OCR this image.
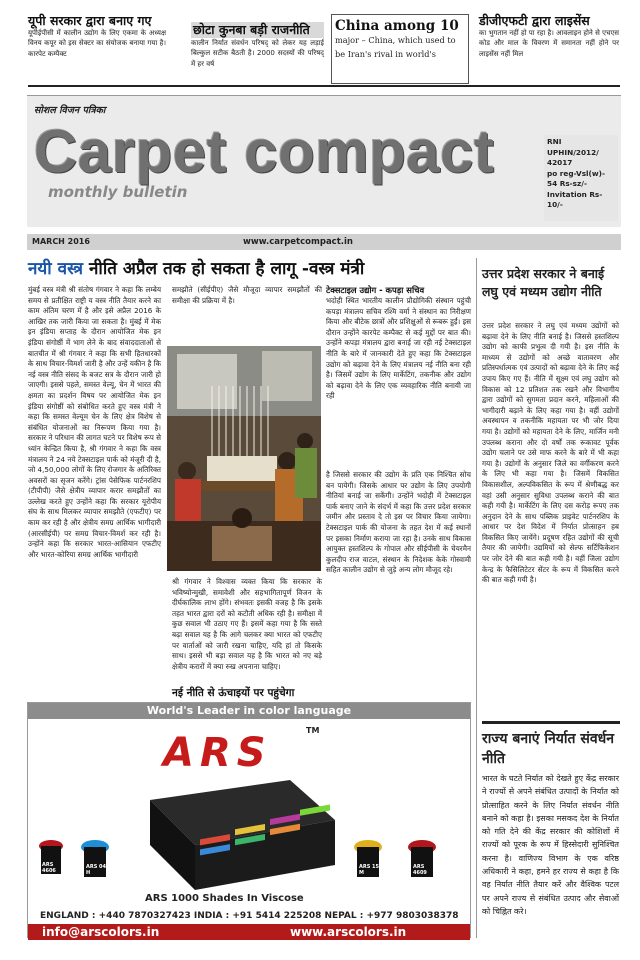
यूपी सरकार द्वारा बनाए गए
यूपीईपीसी में कालीन उद्योग के लिए एकमा के अध्यक्ष विनय कपूर को इस सेक्टर का संयोजक बनाया गया है। कारपेट कम्पैक्ट
छोटा कुनबा बड़ी राजनीति
कालीन निर्यात संवर्धन परिषद् को लेकर यह लड़ाई बिल्कुल सटीक बैठती है। 2000 सदस्यों की परिषद् में हर वर्ष
China among 10
major – China, which used to be Iran's rival in world's
डीजीएफटी द्वारा लाइसेंस
का भुगतान नहीं हो पा रहा है। आवलाइन होने से एचएस कोड और माल के विवरण में समानता नहीं होने पर लाइसेंस नहीं मिल
सोशल विजन पत्रिका
Carpet compact
monthly bulletin
RNI
UPHIN/2012/
42017
po reg-Vsl(w)-
54 Rs-sz/-
Invitation Rs-10/-
MARCH 2016	www.carpetcompact.in
नयी वस्त्र नीति अप्रैल तक हो सकता है लागू -वस्त्र मंत्री
मुंबई वस्त्र मंत्री श्री संतोष गंगवार ने कहा कि लम्बेय समय से प्रतीक्षित राष्ट्री य वस्त्र नीति तैयार करने का काम अंतिम चरण में है और इसे अप्रैल 2016 के आखिर तक जारी किया जा सकता है। मुंबई में मेक इन इंडिया सप्ताह के दौरान आयोजित मेक इन इंडिया संगोष्ठीं में भाग लेने के बाद संवाददाताओं से बातचीत में श्री गंगवार ने कहा कि सभी हितधारकों के साथ विचार-विमर्श जारी है और उन्हें यकीन है कि नई वस्त्र नीति संसद के बजट सत्र के दौरान जारी हो जाएगी। इससे पहले, समस्त वेल्यू, चेन में भारत की क्षमता का प्रदर्शन विषय पर आयोजित मेक इन इंडिया संगोष्ठीं को संबोधित करते हुए वस्त्र मंत्री ने कहा कि समस्त वेल्यूम चेन के लिए क्षेत्र विशेष से संबंधित योजनाओं का निरूपण किया गया है। सरकार ने परिधान की लागत घटने पर विशेष रूप से ध्यांन केन्द्रित किया है, श्री गंगवार ने कहा कि वस्त्र मंत्रालय ने 24 नये टेक्सटाइल पार्क को मंजूरी दी है, जो 4,50,000 लोगों के लिए रोजगार के अतिरिक्त अवसरों का सृजन करेंगे। ट्रांस पेसेफिक पार्टनरशिप (टीपीपी) जैसे क्षेत्रीय व्यापार करार समझौतों का उल्लेख करते हुए उन्होंने कहा कि सरकार यूरोपीय संघ के साथ मिलकर व्यापार समझौते (एफटीए) पर काम कर रही है और क्षेत्रीय समग्र आर्थिक भागीदारी (आरसीईपी) पर समग्र विचार-विमर्श कर रही है। उन्होंने कहा कि सरकार भारत-आसियान एफटीए और भारत-कोरिया समग्र आर्थिक भागीदारी
समझौते (सीईपीए) जैसे मौजूदा व्यापार समझौतों की समीक्षा की प्रक्रिया में है।
श्री गंगवार ने विश्वास व्यक्त किया कि सरकार के भविष्योन्मुखी, समावेशी और सहभागितापूर्ण विजन के दीर्घकालिक लाभ होंगे। संभवतः इसकी वजह है कि इसके तहत भारत द्वारा दरों को कटौती अधिक रही है। समीक्षा में कुछ सवाल भी उठाए गए हैं। इसमें कहा गया है कि सस्ते बढ़ा सवाल यह है कि आगे चलकर क्या भारत को एफटीए पर वार्ताओं को जारी रखना चाहिए, यदि हां तो किसके साथ। इससे भी बड़ा सवाल यह है कि भारत को नए बड़े क्षेत्रीय करारों में क्या रुख अपनाना चाहिए।
टेक्सटाइल उद्योग - कपड़ा सचिव
भदोही स्थित भारतीय कालीन प्रौद्योगिकी संस्थान पहुंची कपड़ा मंत्रालय सचिव रश्मि वर्मा ने संस्थान का निरीक्षण किया और बीटेक छात्रों और प्रशिक्षुओं से रूबरू हुईं। इस दौरान उन्होंने कारपेट कम्पैक्ट से कई मुद्दों पर बात की। उन्होंने कपड़ा मंत्रालय द्वारा बनाई जा रही नई टेक्सटाइल नीति के बारे में जानकारी देते हुए कहा कि टेक्सटाइल उद्योग को बढ़ावा देने के लिए मंत्रालय नई नीति बना रही है। जिसमें उद्योग के लिए मार्केटिंग, तकनीक और उद्योग को बढ़ावा देने के लिए एक व्यवहारिक नीति बनायी जा रही
है जिससे सरकार की उद्योग के प्रति एक निश्चित सोच बन पायेगी। जिसके आधार पर उद्योग के लिए उपयोगी नीतियां बनाई जा सकेंगी। उन्होंने भदोही में टेक्सटाइल पार्क बनाए जाने के संदर्भ में कहा कि उत्तर प्रदेश सरकार जमीन और प्रस्ताव दे तो इस पर विचार किया जायेगा। टेक्सटाइल पार्क की योजना के तहत देश में कई स्थानों पर इसका निर्माण कराया जा रहा है। उनके साथ विकास आयुक्त हस्तशिल्प के गोपाल और सीईपीसी के चेयरमैन कुलदीप राज वाटल, संस्थान के निदेशक केके गोस्वामी सहित कालीन उद्योग से जुड़े अन्य लोग मौजूद रहे।
नई नीति से ऊंचाइयों पर पहुंचेगा
उत्तर प्रदेश सरकार ने बनाई लघु एवं मध्यम उद्योग नीति
उत्तर प्रदेश सरकार ने लघु एवं मध्यम उद्योगों को बढ़ावा देने के लिए नीति बनाई है। जिससे हस्तशिल्प उद्योग को काफी प्रभुत्व दी गयी है। इस नीति के माध्यम से उद्योगों को अच्छे वातावरण और प्रतिस्पर्धात्मक एवं उत्पादों को बढ़ावा देने के लिए कई उपाय किए गए हैं। नीति में सूक्ष्म एवं लघु उद्योग को विकास को 12 प्रतिशत तक रखने और विभागीय द्वारा उद्योगों को सुगमता प्रदान करने, महिलाओं की भागीदारी बढ़ाने के लिए कहा गया है। वहीं उद्योगों अवस्थापन व तकनीकि महायता पर भी जोर दिया गया है। उद्योगों को महायता देने के लिए, मार्जिन मनी उपलब्ध कराना और दो वर्षों तक रूकावट पूर्वक उद्योग चलाने पर उसे माफ करने के बारे में भी कहा गया है। उद्योगों के अनुसार जिले का वर्गीकरण करने के लिए भी कहा गया है। जिसमें विकसित विकासशील, अल्पविकसित के रूप में श्रेणीबद्ध कर वहां उसी अनुसार सुविधा उपलब्ध कराने की बात कही गयी है। मार्केटिंग के लिए दस करोड़ रूपए तक अनुदान देने के साथ पब्लिक प्राइवेट पार्टनरशिप के आधार पर देश विदेश में निर्यात प्रोत्साहन हब विकसित किए जायेंगे। प्रदूषण रहित उद्योगों की सूची तैयार की जायेगी। उद्यमियों को सेल्फ सर्टिफिकेशन पर जोर देने की बात कही गयी है। वहीं जिला उद्योग केन्द्र के फैसिलिटेटर सेंटर के रूप में विकसित करने की बात कही गयी है।
राज्य बनाएं निर्यात संवर्धन नीति
भारत के घटते निर्यात को देखते हुए केंद्र सरकार ने राज्यों से अपने संबंधित उत्पादों के निर्यात को प्रोत्साहित करने के लिए निर्यात संवर्धन नीति बनाने को कहा है। इसका मसकद देश के निर्यात को गति देने की केंद्र सरकार की कोशिशों में राज्यों को पूरक के रूप में हिस्सेदारी सुनिश्चित करना है। वाणिज्य विभाग के एक वरिष्ठ अधिकारी ने कहा, हमने हर राज्य से कहा है कि वह निर्यात नीति तैयार करें और वैश्विक पटल पर अपने राज्य से संबंधित उत्पाद और सेवाओं को चिह्नित करे।
World's Leader in color language
ARS	TM
ARS 4606
ARS 04 H
ARS 15 M
ARS 4609
ARS 1000 Shades In Viscose
ENGLAND : +440 7870327423 INDIA : +91 5414 225208 NEPAL : +977 9803038378
info@arscolors.in	www.arscolors.in
